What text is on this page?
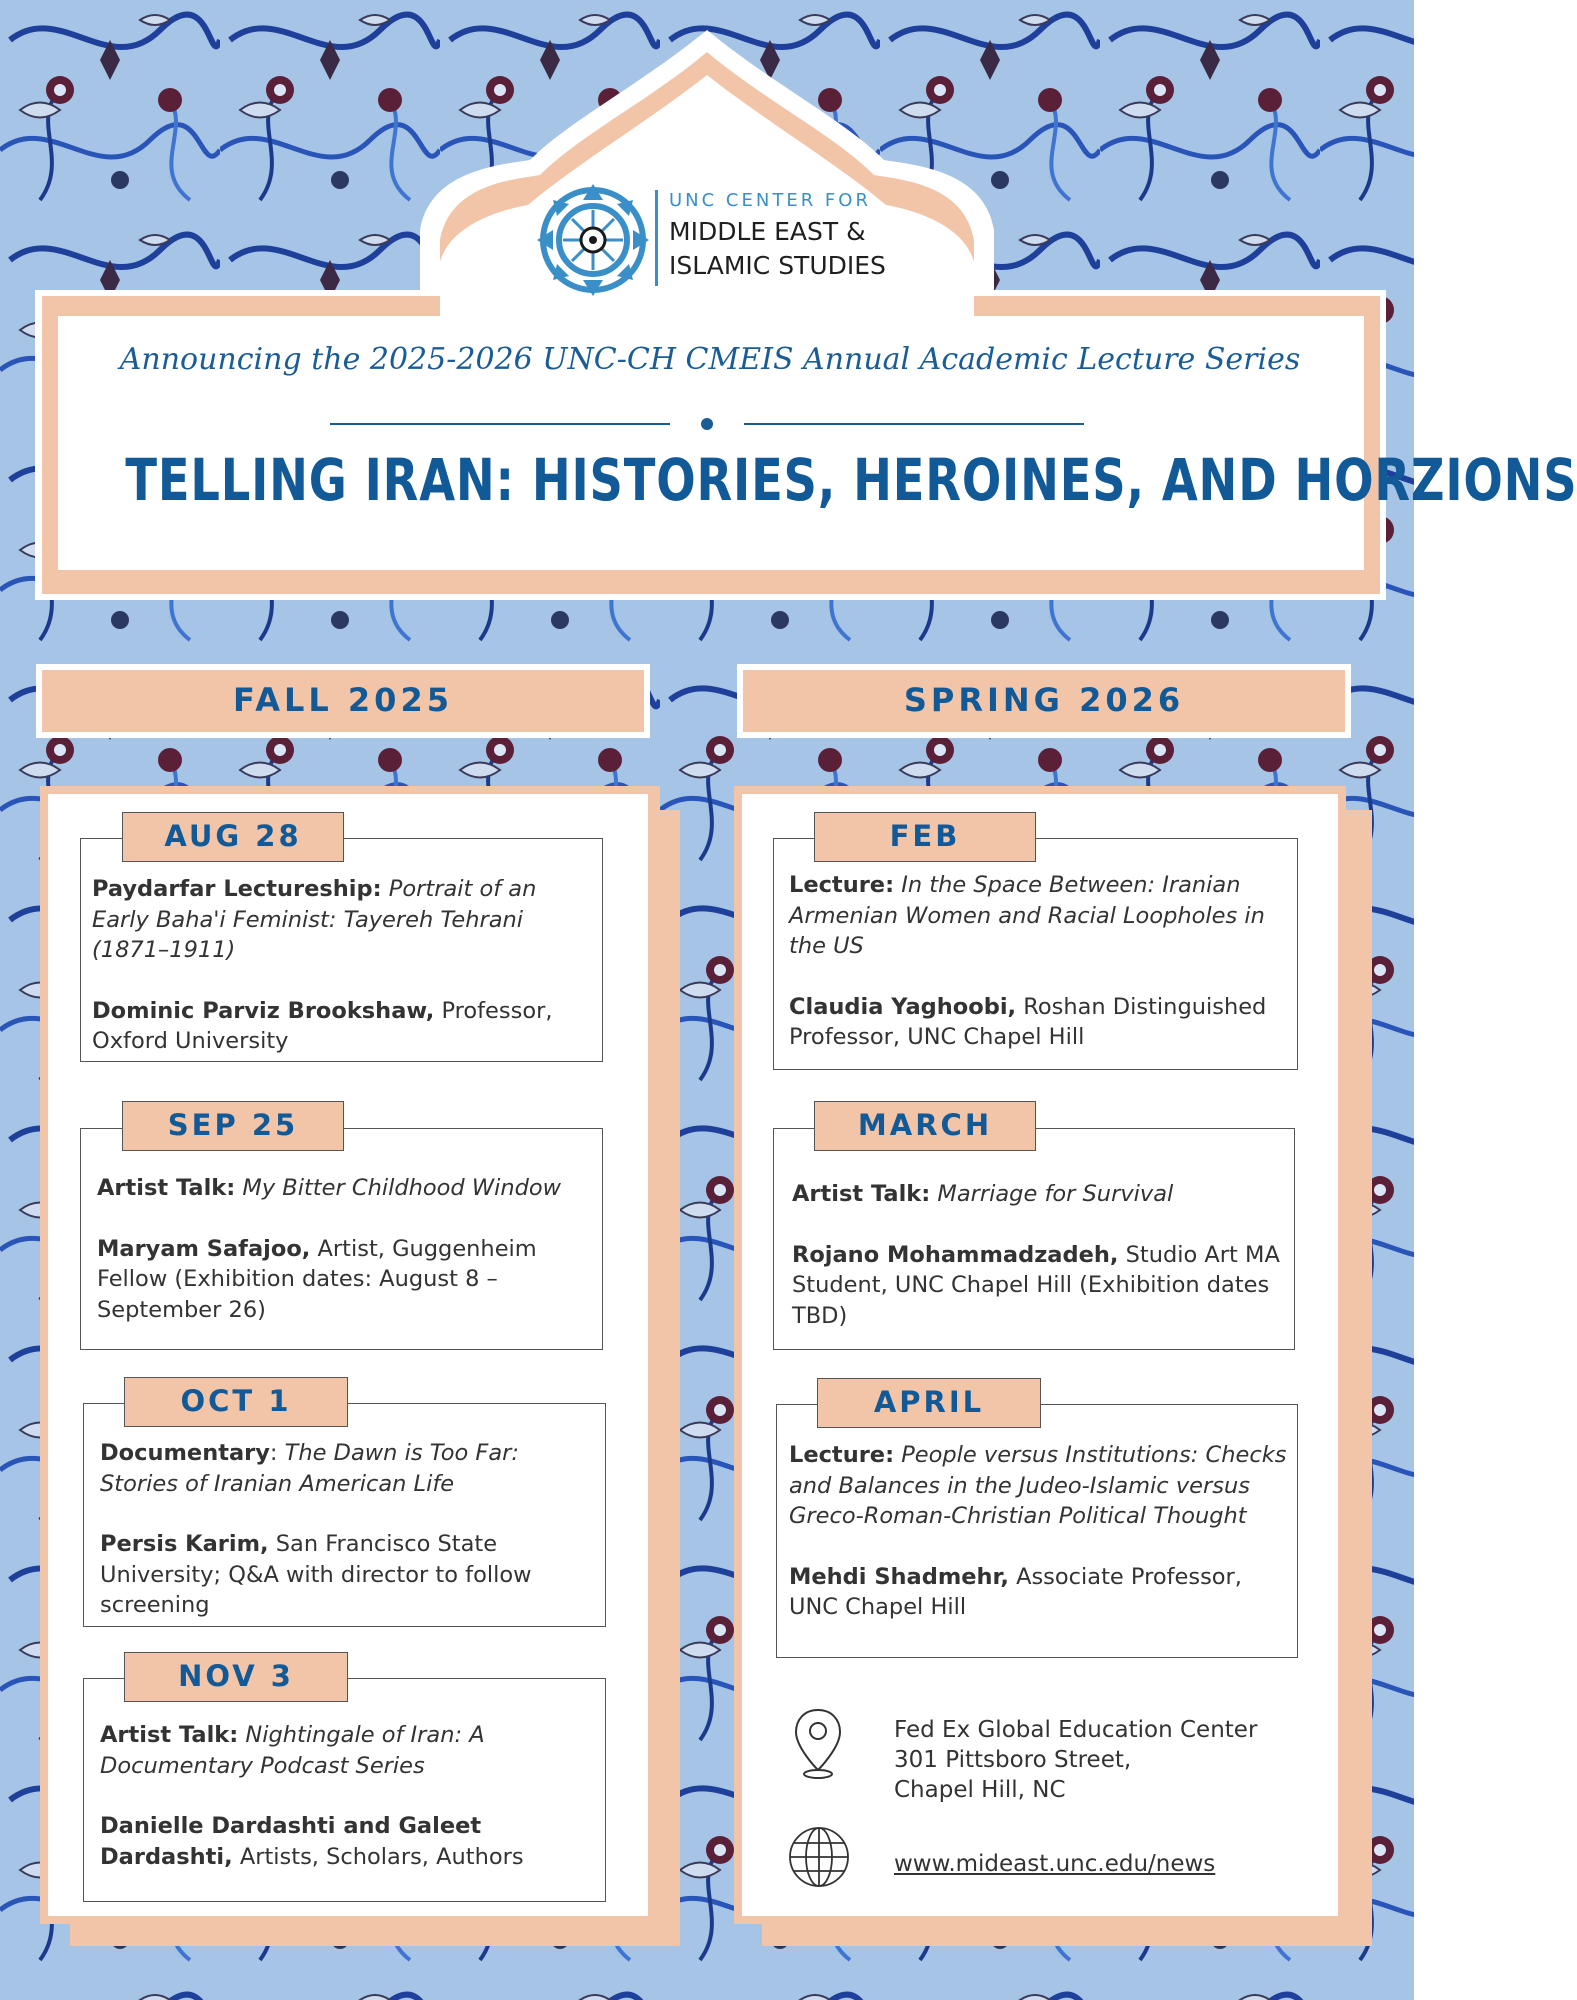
UNC CENTER FOR
MIDDLE EAST &
ISLAMIC STUDIES
Announcing the 2025-2026 UNC-CH CMEIS Annual Academic Lecture Series
TELLING IRAN: HISTORIES, HEROINES, AND HORZIONS
FALL 2025	SPRING 2026
AUG 28
Paydarfar Lectureship: Portrait of an Early Baha'i Feminist: Tayereh Tehrani (1871–1911)
Dominic Parviz Brookshaw, Professor, Oxford University
SEP 25
Artist Talk: My Bitter Childhood Window
Maryam Safajoo, Artist, Guggenheim Fellow (Exhibition dates: August 8 – September 26)
OCT 1
Documentary: The Dawn is Too Far: Stories of Iranian American Life
Persis Karim, San Francisco State University; Q&A with director to follow screening
NOV 3
Artist Talk: Nightingale of Iran: A Documentary Podcast Series
Danielle Dardashti and Galeet Dardashti, Artists, Scholars, Authors
FEB
Lecture: In the Space Between: Iranian Armenian Women and Racial Loopholes in the US
Claudia Yaghoobi, Roshan Distinguished Professor, UNC Chapel Hill
MARCH
Artist Talk: Marriage for Survival
Rojano Mohammadzadeh, Studio Art MA Student, UNC Chapel Hill (Exhibition dates TBD)
APRIL
Lecture: People versus Institutions: Checks and Balances in the Judeo-Islamic versus Greco-Roman-Christian Political Thought
Mehdi Shadmehr, Associate Professor, UNC Chapel Hill
Fed Ex Global Education Center
301 Pittsboro Street,
Chapel Hill, NC
www.mideast.unc.edu/news
